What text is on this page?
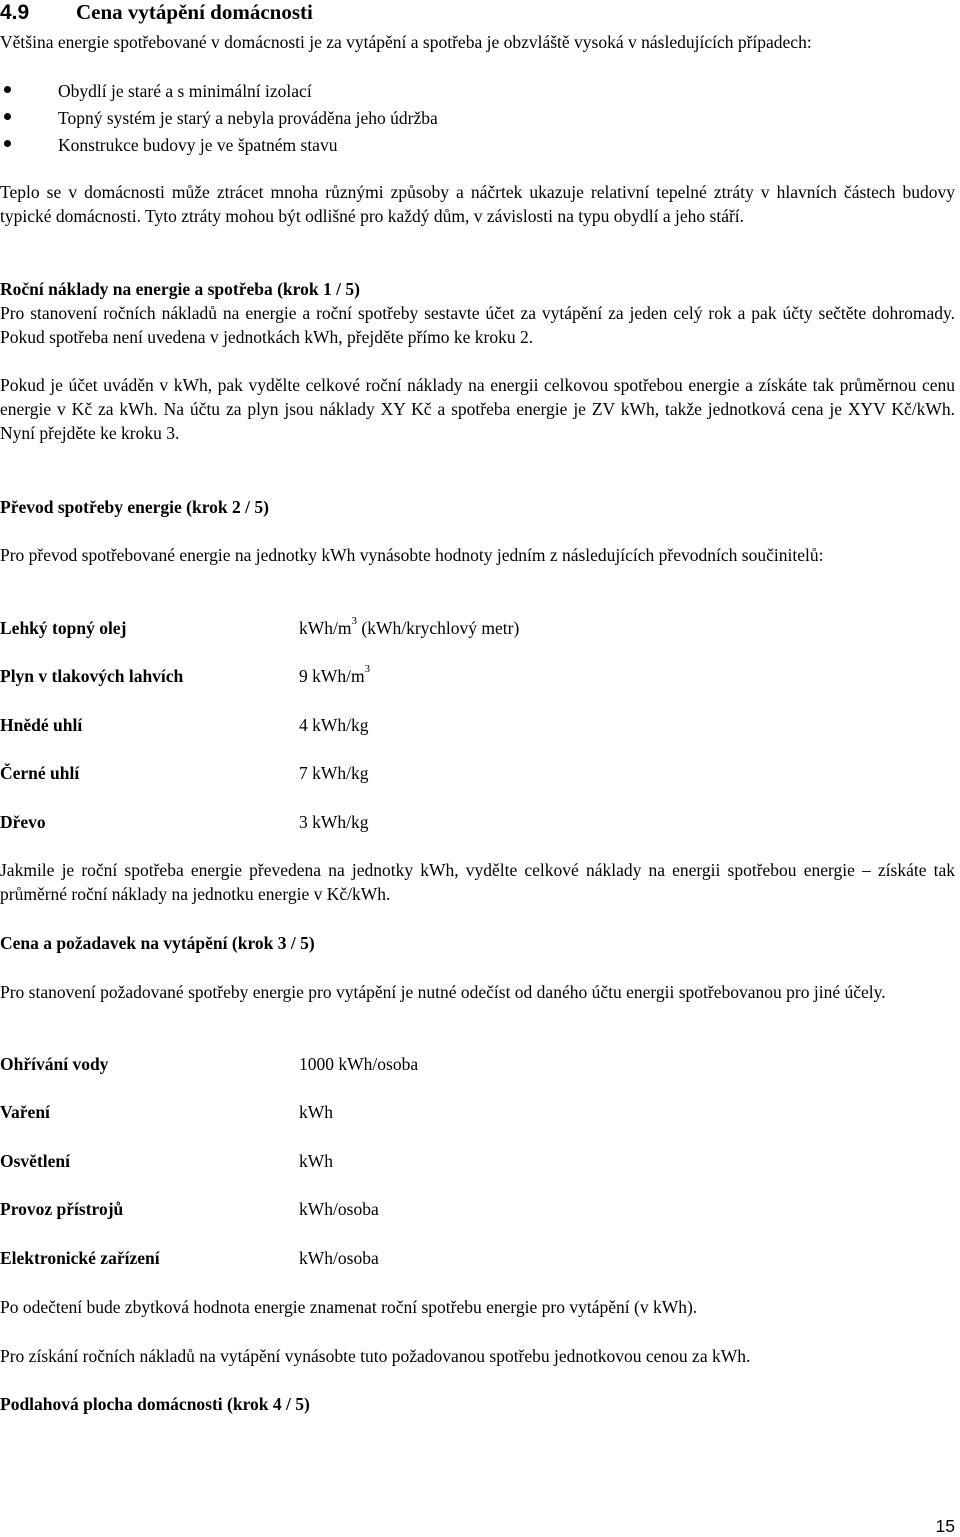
4.9 Cena vytápění domácnosti

Většina energie spotřebované v domácnosti je za vytápění a spotřeba je obzvláště vysoká v následujících případech:

Obydlí je staré a s minimální izolací
Topný systém je starý a nebyla prováděna jeho údržba
Konstrukce budovy je ve špatném stavu

Teplo se v domácnosti může ztrácet mnoha různými způsoby a náčrtek ukazuje relativní tepelné ztráty v hlavních částech budovy typické domácnosti. Tyto ztráty mohou být odlišné pro každý dům, v závislosti na typu obydlí a jeho stáří.

Roční náklady na energie a spotřeba (krok 1 / 5)

Pro stanovení ročních nákladů na energie a roční spotřeby sestavte účet za vytápění za jeden celý rok a pak účty sečtěte dohromady. Pokud spotřeba není uvedena v jednotkách kWh, přejděte přímo ke kroku 2.

Pokud je účet uváděn v kWh, pak vydělte celkové roční náklady na energii celkovou spotřebou energie a získáte tak průměrnou cenu energie v Kč za kWh. Na účtu za plyn jsou náklady XY Kč a spotřeba energie je ZV kWh, takže jednotková cena je XYV Kč/kWh. Nyní přejděte ke kroku 3.

Převod spotřeby energie (krok 2 / 5)

Pro převod spotřebované energie na jednotky kWh vynásobte hodnoty jedním z následujících převodních součinitelů:

Lehký topný olej	kWh/$m^3$ (kWh/krychlový metr)
Plyn v tlakových lahvích	9 kWh/$m^3$
Hnědé uhlí	4 kWh/kg
Černé uhlí	7 kWh/kg
Dřevo	3 kWh/kg

Jakmile je roční spotřeba energie převedena na jednotky kWh, vydělte celkové náklady na energii spotřebou energie – získáte tak průměrné roční náklady na jednotku energie v Kč/kWh.

Cena a požadavek na vytápění (krok 3 / 5)

Pro stanovení požadované spotřeby energie pro vytápění je nutné odečíst od daného účtu energii spotřebovanou pro jiné účely.

Ohřívání vody	1000 kWh/osoba
Vaření	kWh
Osvětlení	kWh
Provoz přístrojů	kWh/osoba
Elektronické zařízení	kWh/osoba

Po odečtení bude zbytková hodnota energie znamenat roční spotřebu energie pro vytápění (v kWh).

Pro získání ročních nákladů na vytápění vynásobte tuto požadovanou spotřebu jednotkovou cenou za kWh.

Podlahová plocha domácnosti (krok 4 / 5)

15
